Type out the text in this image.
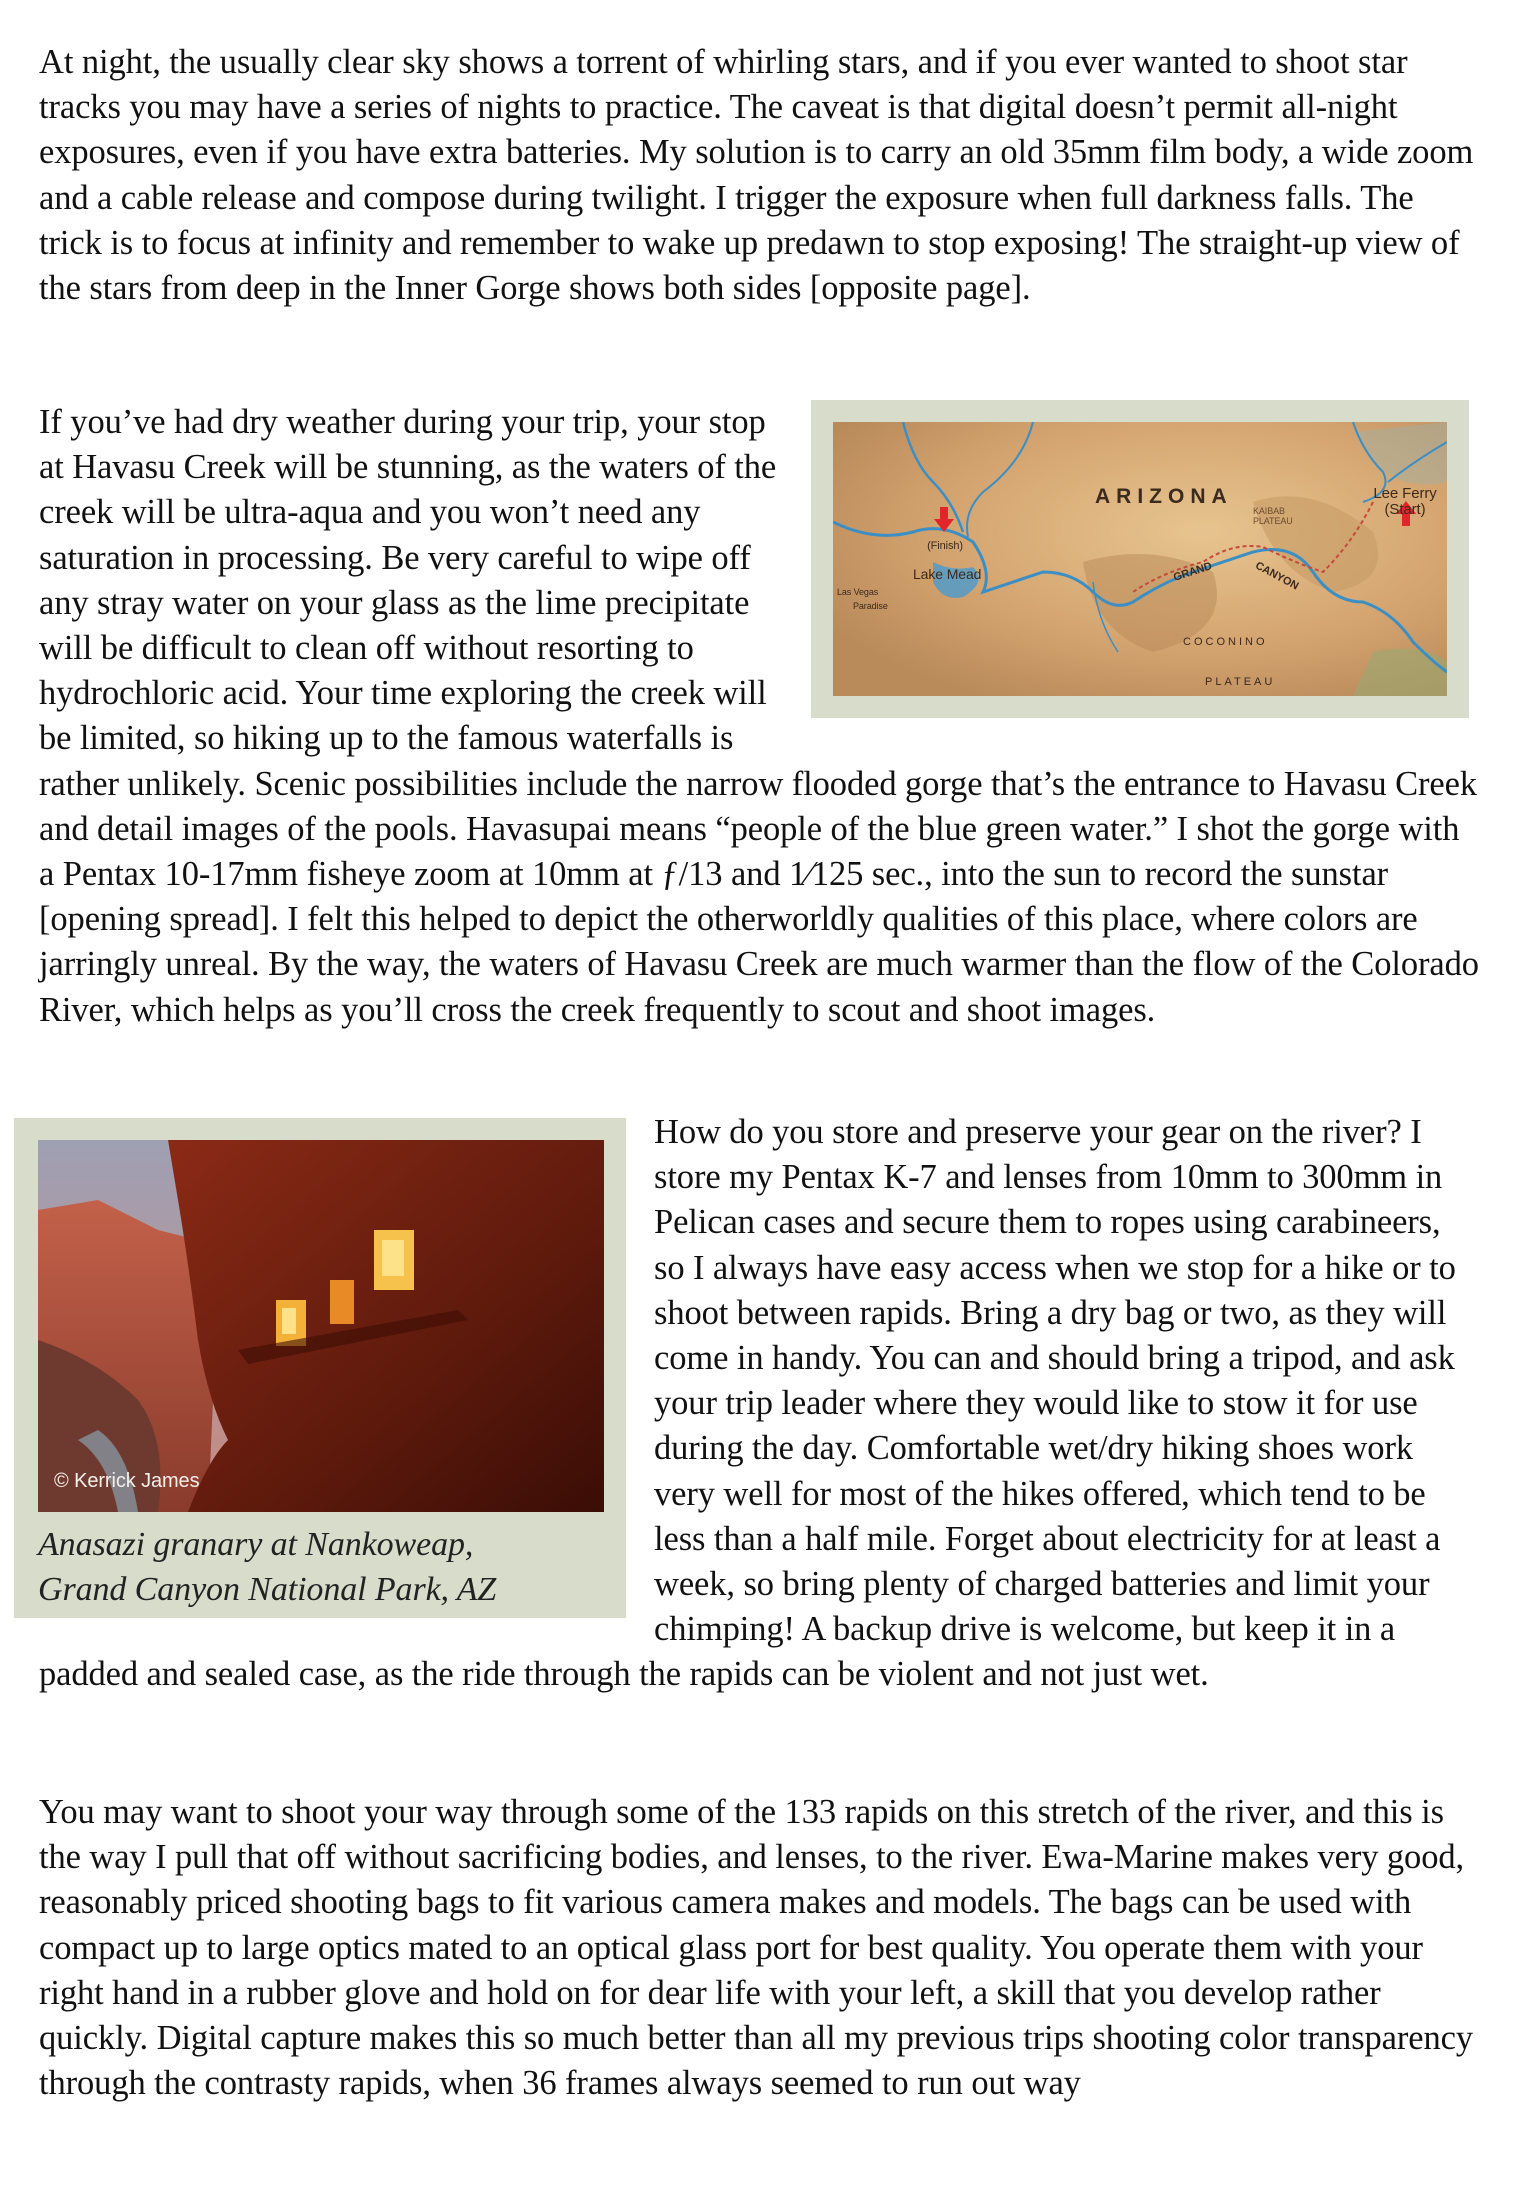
At night, the usually clear sky shows a torrent of whirling stars, and if you ever wanted to shoot star tracks you may have a series of nights to practice. The caveat is that digital doesn’t permit all-night exposures, even if you have extra batteries. My solution is to carry an old 35mm film body, a wide zoom and a cable release and compose during twilight. I trigger the exposure when full darkness falls. The trick is to focus at infinity and remember to wake up predawn to stop exposing! The straight-up view of the stars from deep in the Inner Gorge shows both sides [opposite page].

ARIZONA	Lee Ferry
(Start)
(Finish)
Lake Mead
Las Vegas
Paradise
KAIBAB PLATEAU
GRAND	CANYON
COCONINO
PLATEAU
If you’ve had dry weather during your trip, your stop at Havasu Creek will be stunning, as the waters of the creek will be ultra-aqua and you won’t need any saturation in processing. Be very careful to wipe off any stray water on your glass as the lime precipitate will be difficult to clean off without resorting to hydrochloric acid. Your time exploring the creek will be limited, so hiking up to the famous waterfalls is rather unlikely. Scenic possibilities include the narrow flooded gorge that’s the entrance to Havasu Creek and detail images of the pools. Havasupai means “people of the blue green water.” I shot the gorge with a Pentax 10-17mm fisheye zoom at 10mm at ƒ/13 and 1⁄125 sec., into the sun to record the sunstar [opening spread]. I felt this helped to depict the otherworldly qualities of this place, where colors are jarringly unreal. By the way, the waters of Havasu Creek are much warmer than the flow of the Colorado River, which helps as you’ll cross the creek frequently to scout and shoot images.
© Kerrick James
Anasazi granary at Nankoweap,
Grand Canyon National Park, AZ
How do you store and preserve your gear on the river? I store my Pentax K-7 and lenses from 10mm to 300mm in Pelican cases and secure them to ropes using carabineers, so I always have easy access when we stop for a hike or to shoot between rapids. Bring a dry bag or two, as they will come in handy. You can and should bring a tripod, and ask your trip leader where they would like to stow it for use during the day. Comfortable wet/dry hiking shoes work very well for most of the hikes offered, which tend to be less than a half mile. Forget about electricity for at least a week, so bring plenty of charged batteries and limit your chimping! A backup drive is welcome, but keep it in a padded and sealed case, as the ride through the rapids can be violent and not just wet.

You may want to shoot your way through some of the 133 rapids on this stretch of the river, and this is the way I pull that off without sacrificing bodies, and lenses, to the river. Ewa-Marine makes very good, reasonably priced shooting bags to fit various camera makes and models. The bags can be used with compact up to large optics mated to an optical glass port for best quality. You operate them with your right hand in a rubber glove and hold on for dear life with your left, a skill that you develop rather quickly. Digital capture makes this so much better than all my previous trips shooting color transparency through the contrasty rapids, when 36 frames always seemed to run out way
